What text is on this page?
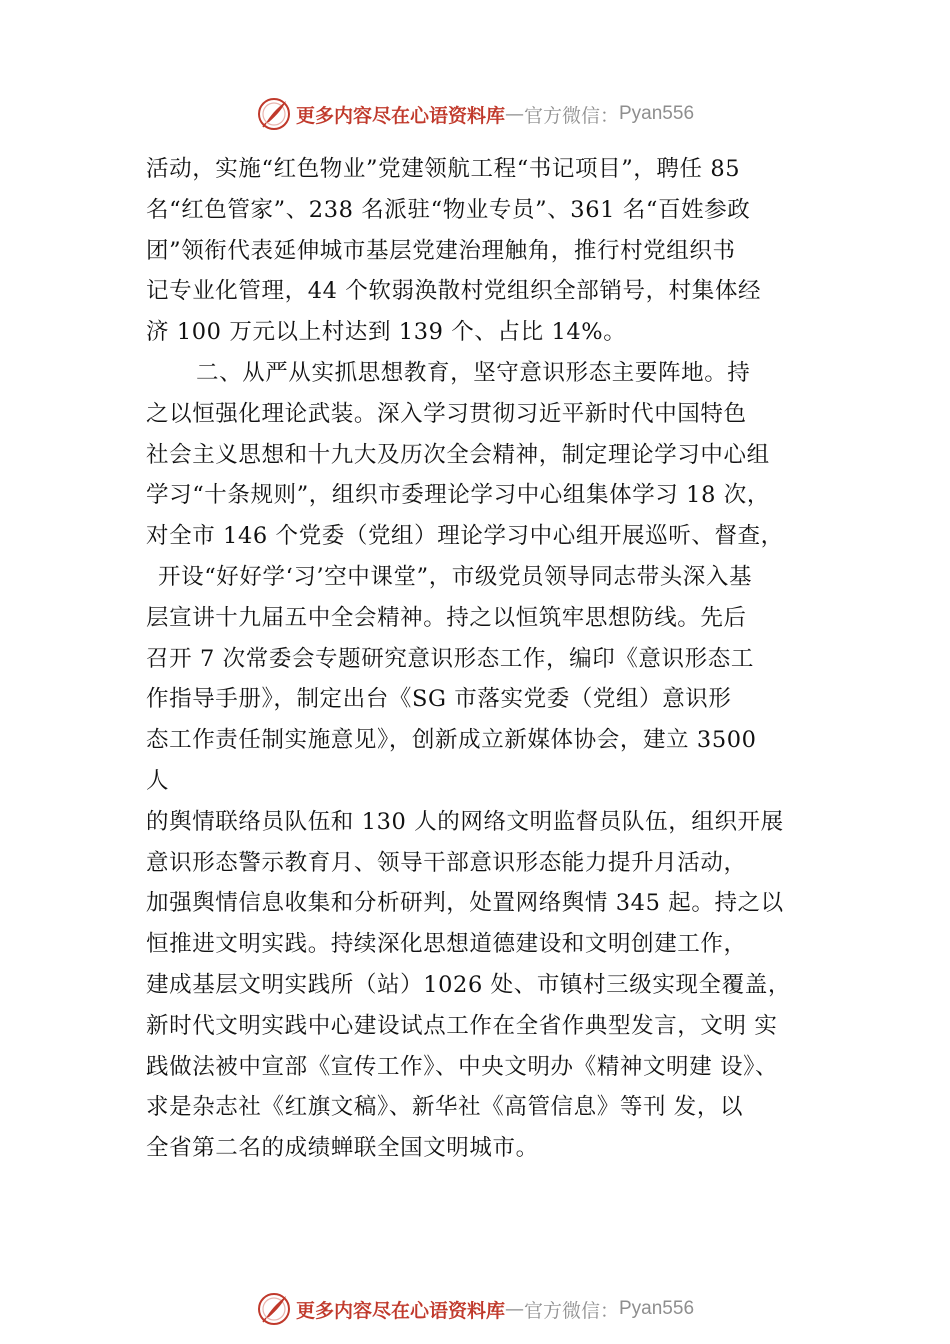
更多内容尽在心语资料库 — 官方微信： Pyan556
活动，实施“红色物业”党建领航工程“书记项目”，聘任 85
名“红色管家”、238 名派驻“物业专员”、361 名“百姓参政
团”领衔代表延伸城市基层党建治理触角，推行村党组织书
记专业化管理，44 个软弱涣散村党组织全部销号，村集体经
济 100 万元以上村达到 139 个、占比 14%。
二、从严从实抓思想教育，坚守意识形态主要阵地。持
之以恒强化理论武装。深入学习贯彻习近平新时代中国特色
社会主义思想和十九大及历次全会精神，制定理论学习中心组
学习“十条规则”，组织市委理论学习中心组集体学习 18 次，
对全市 146 个党委（党组）理论学习中心组开展巡听、督查，
开设“好好学‘习’空中课堂”，市级党员领导同志带头深入基
层宣讲十九届五中全会精神。持之以恒筑牢思想防线。先后
召开 7 次常委会专题研究意识形态工作，编印《意识形态工
作指导手册》，制定出台《SG 市落实党委（党组）意识形
态工作责任制实施意见》，创新成立新媒体协会，建立 3500
人
的舆情联络员队伍和 130 人的网络文明监督员队伍，组织开展
意识形态警示教育月、领导干部意识形态能力提升月活动，
加强舆情信息收集和分析研判，处置网络舆情 345 起。持之以
恒推进文明实践。持续深化思想道德建设和文明创建工作，
建成基层文明实践所（站）1026 处、市镇村三级实现全覆盖，
新时代文明实践中心建设试点工作在全省作典型发言，文明 实
践做法被中宣部《宣传工作》、中央文明办《精神文明建 设》、
求是杂志社《红旗文稿》、新华社《高管信息》等刊 发，以
全省第二名的成绩蝉联全国文明城市。
更多内容尽在心语资料库 — 官方微信： Pyan556
